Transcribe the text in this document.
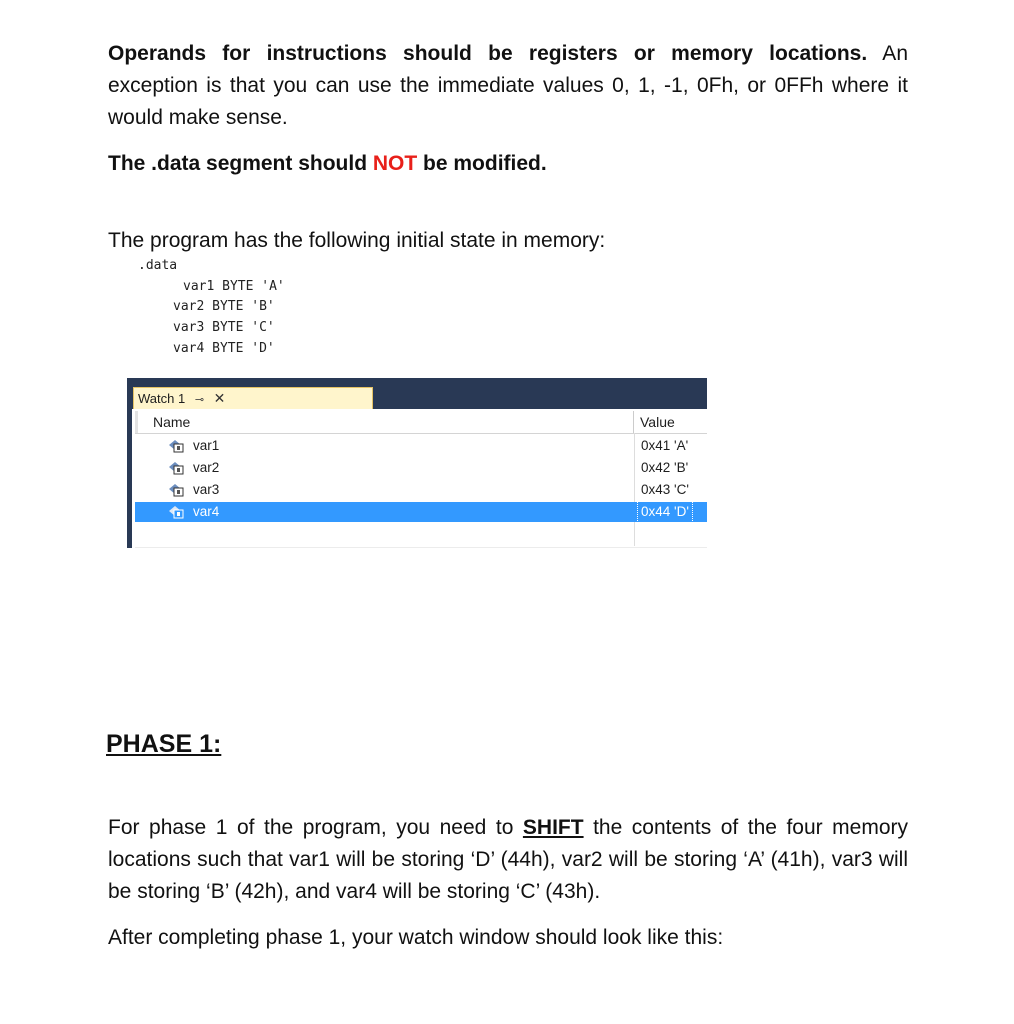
Operands for instructions should be registers or memory locations. An exception is that you can use the immediate values 0, 1, -1, 0Fh, or 0FFh where it would make sense.

The .data segment should NOT be modified.

The program has the following initial state in memory:

.data
var1 BYTE 'A'
var2 BYTE 'B'
var3 BYTE 'C'
var4 BYTE 'D'
Watch 1 ⊸ ✕
Name	Value
var1	0x41 'A'
var2	0x42 'B'
var3	0x43 'C'
var4	0x44 'D'
PHASE 1:

For phase 1 of the program, you need to SHIFT the contents of the four memory locations such that var1 will be storing ‘D’ (44h), var2 will be storing ‘A’ (41h), var3 will be storing ‘B’ (42h), and var4 will be storing ‘C’ (43h).

After completing phase 1, your watch window should look like this:
